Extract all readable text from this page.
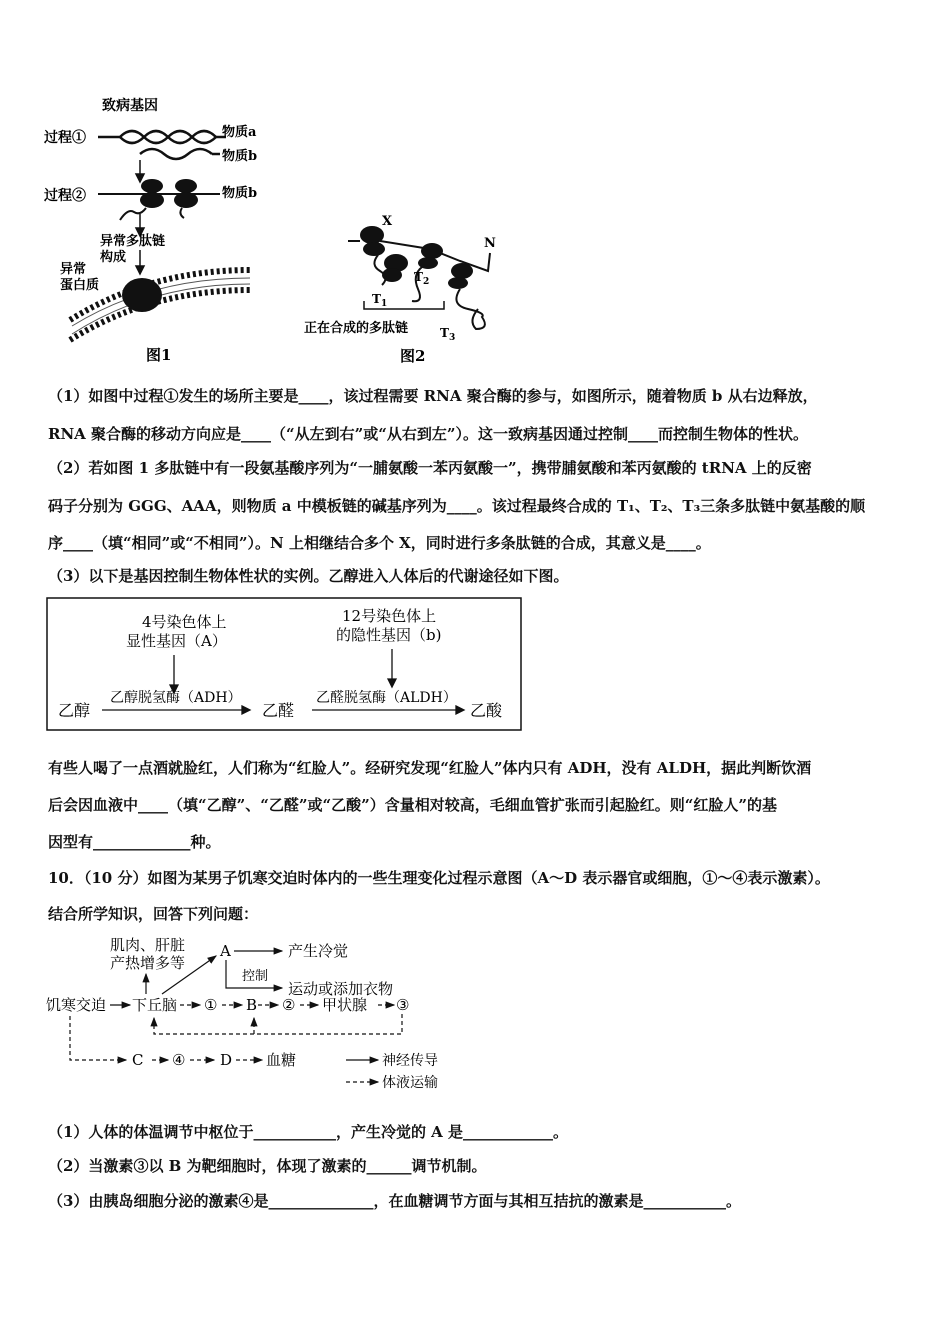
致病基因
过程①	物质a
物质b
过程②	物质b
异常多肽链
构成
异常
蛋白质
图1
X
N
$T_1$
$T_2$
$T_3$
正在合成的多肽链
图2
（1）如图中过程①发生的场所主要是____，该过程需要 RNA 聚合酶的参与，如图所示，随着物质 b 从右边释放，
RNA 聚合酶的移动方向应是____（“从左到右”或“从右到左”）。这一致病基因通过控制____而控制生物体的性状。
（2）若如图 1 多肽链中有一段氨基酸序列为“一脯氨酸一苯丙氨酸一”，携带脯氨酸和苯丙氨酸的 tRNA 上的反密
码子分别为 GGG、AAA，则物质 a 中模板链的碱基序列为____。该过程最终合成的 T₁、T₂、T₃三条多肽链中氨基酸的顺
序____（填“相同”或“不相同”）。N 上相继结合多个 X，同时进行多条肽链的合成，其意义是____。
（3）以下是基因控制生物体性状的实例。乙醇进入人体后的代谢途径如下图。
4号染色体上
显性基因（A）
12号染色体上
的隐性基因（b)
乙醇
乙醇脱氢酶（ADH）
乙醛
乙醛脱氢酶（ALDH）
乙酸
有些人喝了一点酒就脸红，人们称为“红脸人”。经研究发现“红脸人”体内只有 ADH，没有 ALDH，据此判断饮酒
后会因血液中____（填“乙醇”、“乙醛”或“乙酸”）含量相对较高，毛细血管扩张而引起脸红。则“红脸人”的基
因型有_____________种。
10．（10 分）如图为某男子饥寒交迫时体内的一些生理变化过程示意图（A～D 表示器官或细胞，①～④表示激素）。
结合所学知识，回答下列问题：
肌肉、肝脏
产热增多等
A	产生冷觉
控制
运动或添加衣物
饥寒交迫 下丘脑 ① B ② 甲状腺 ③
C ④ D 血糖	神经传导
体液运输
（1）人体的体温调节中枢位于___________，产生冷觉的 A 是____________。
（2）当激素③以 B 为靶细胞时，体现了激素的______调节机制。
（3）由胰岛细胞分泌的激素④是______________，在血糖调节方面与其相互拮抗的激素是___________。
